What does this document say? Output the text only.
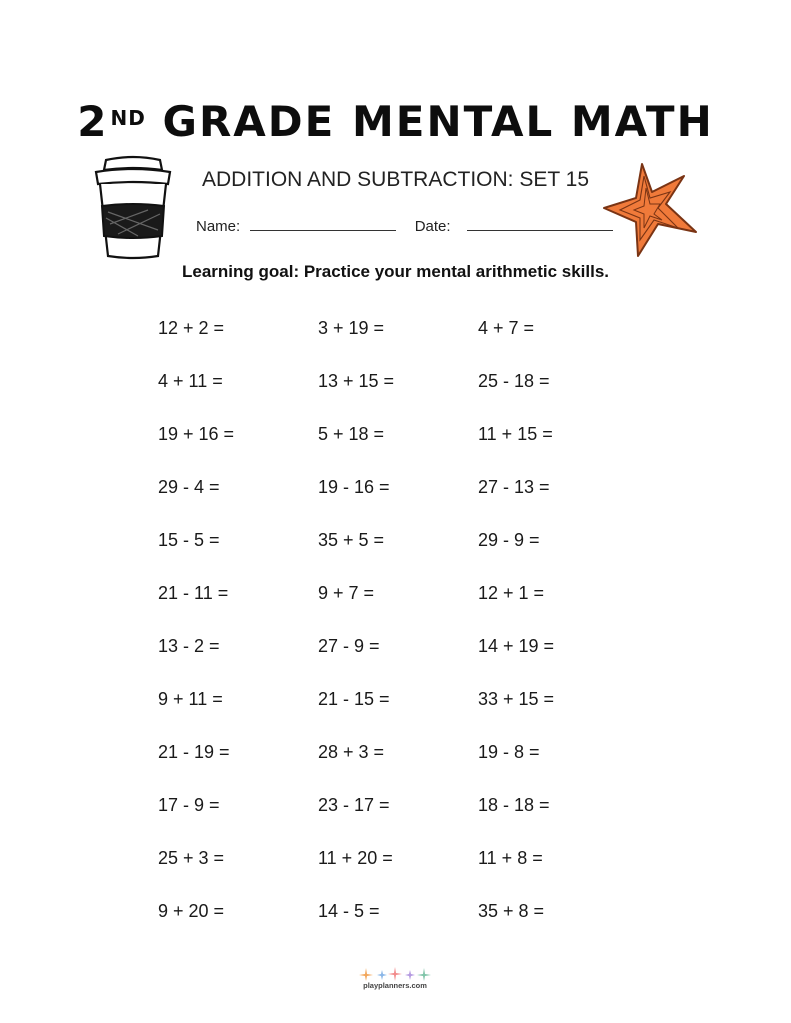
2 $^{ND}$ GRADE MENTAL MATH
ADDITION AND SUBTRACTION: SET 15
Name:	Date:
Learning goal: Practice your mental arithmetic skills.
12 + 2 =	3 + 19 =	4 + 7 =
4 + 11 =	13 + 15 =	25 - 18 =
19 + 16 =	5 + 18 =	11 + 15 =
29 - 4 =	19 - 16 =	27 - 13 =
15 - 5 =	35 + 5 =	29 - 9 =
21 - 11 =	9 + 7 =	12 + 1 =
13 - 2 =	27 - 9 =	14 + 19 =
9 + 11 =	21 - 15 =	33 + 15 =
21 - 19 =	28 + 3 =	19 - 8 =
17 - 9 =	23 - 17 =	18 - 18 =
25 + 3 =	11 + 20 =	11 + 8 =
9 + 20 =	14 - 5 =	35 + 8 =
playplanners.com
